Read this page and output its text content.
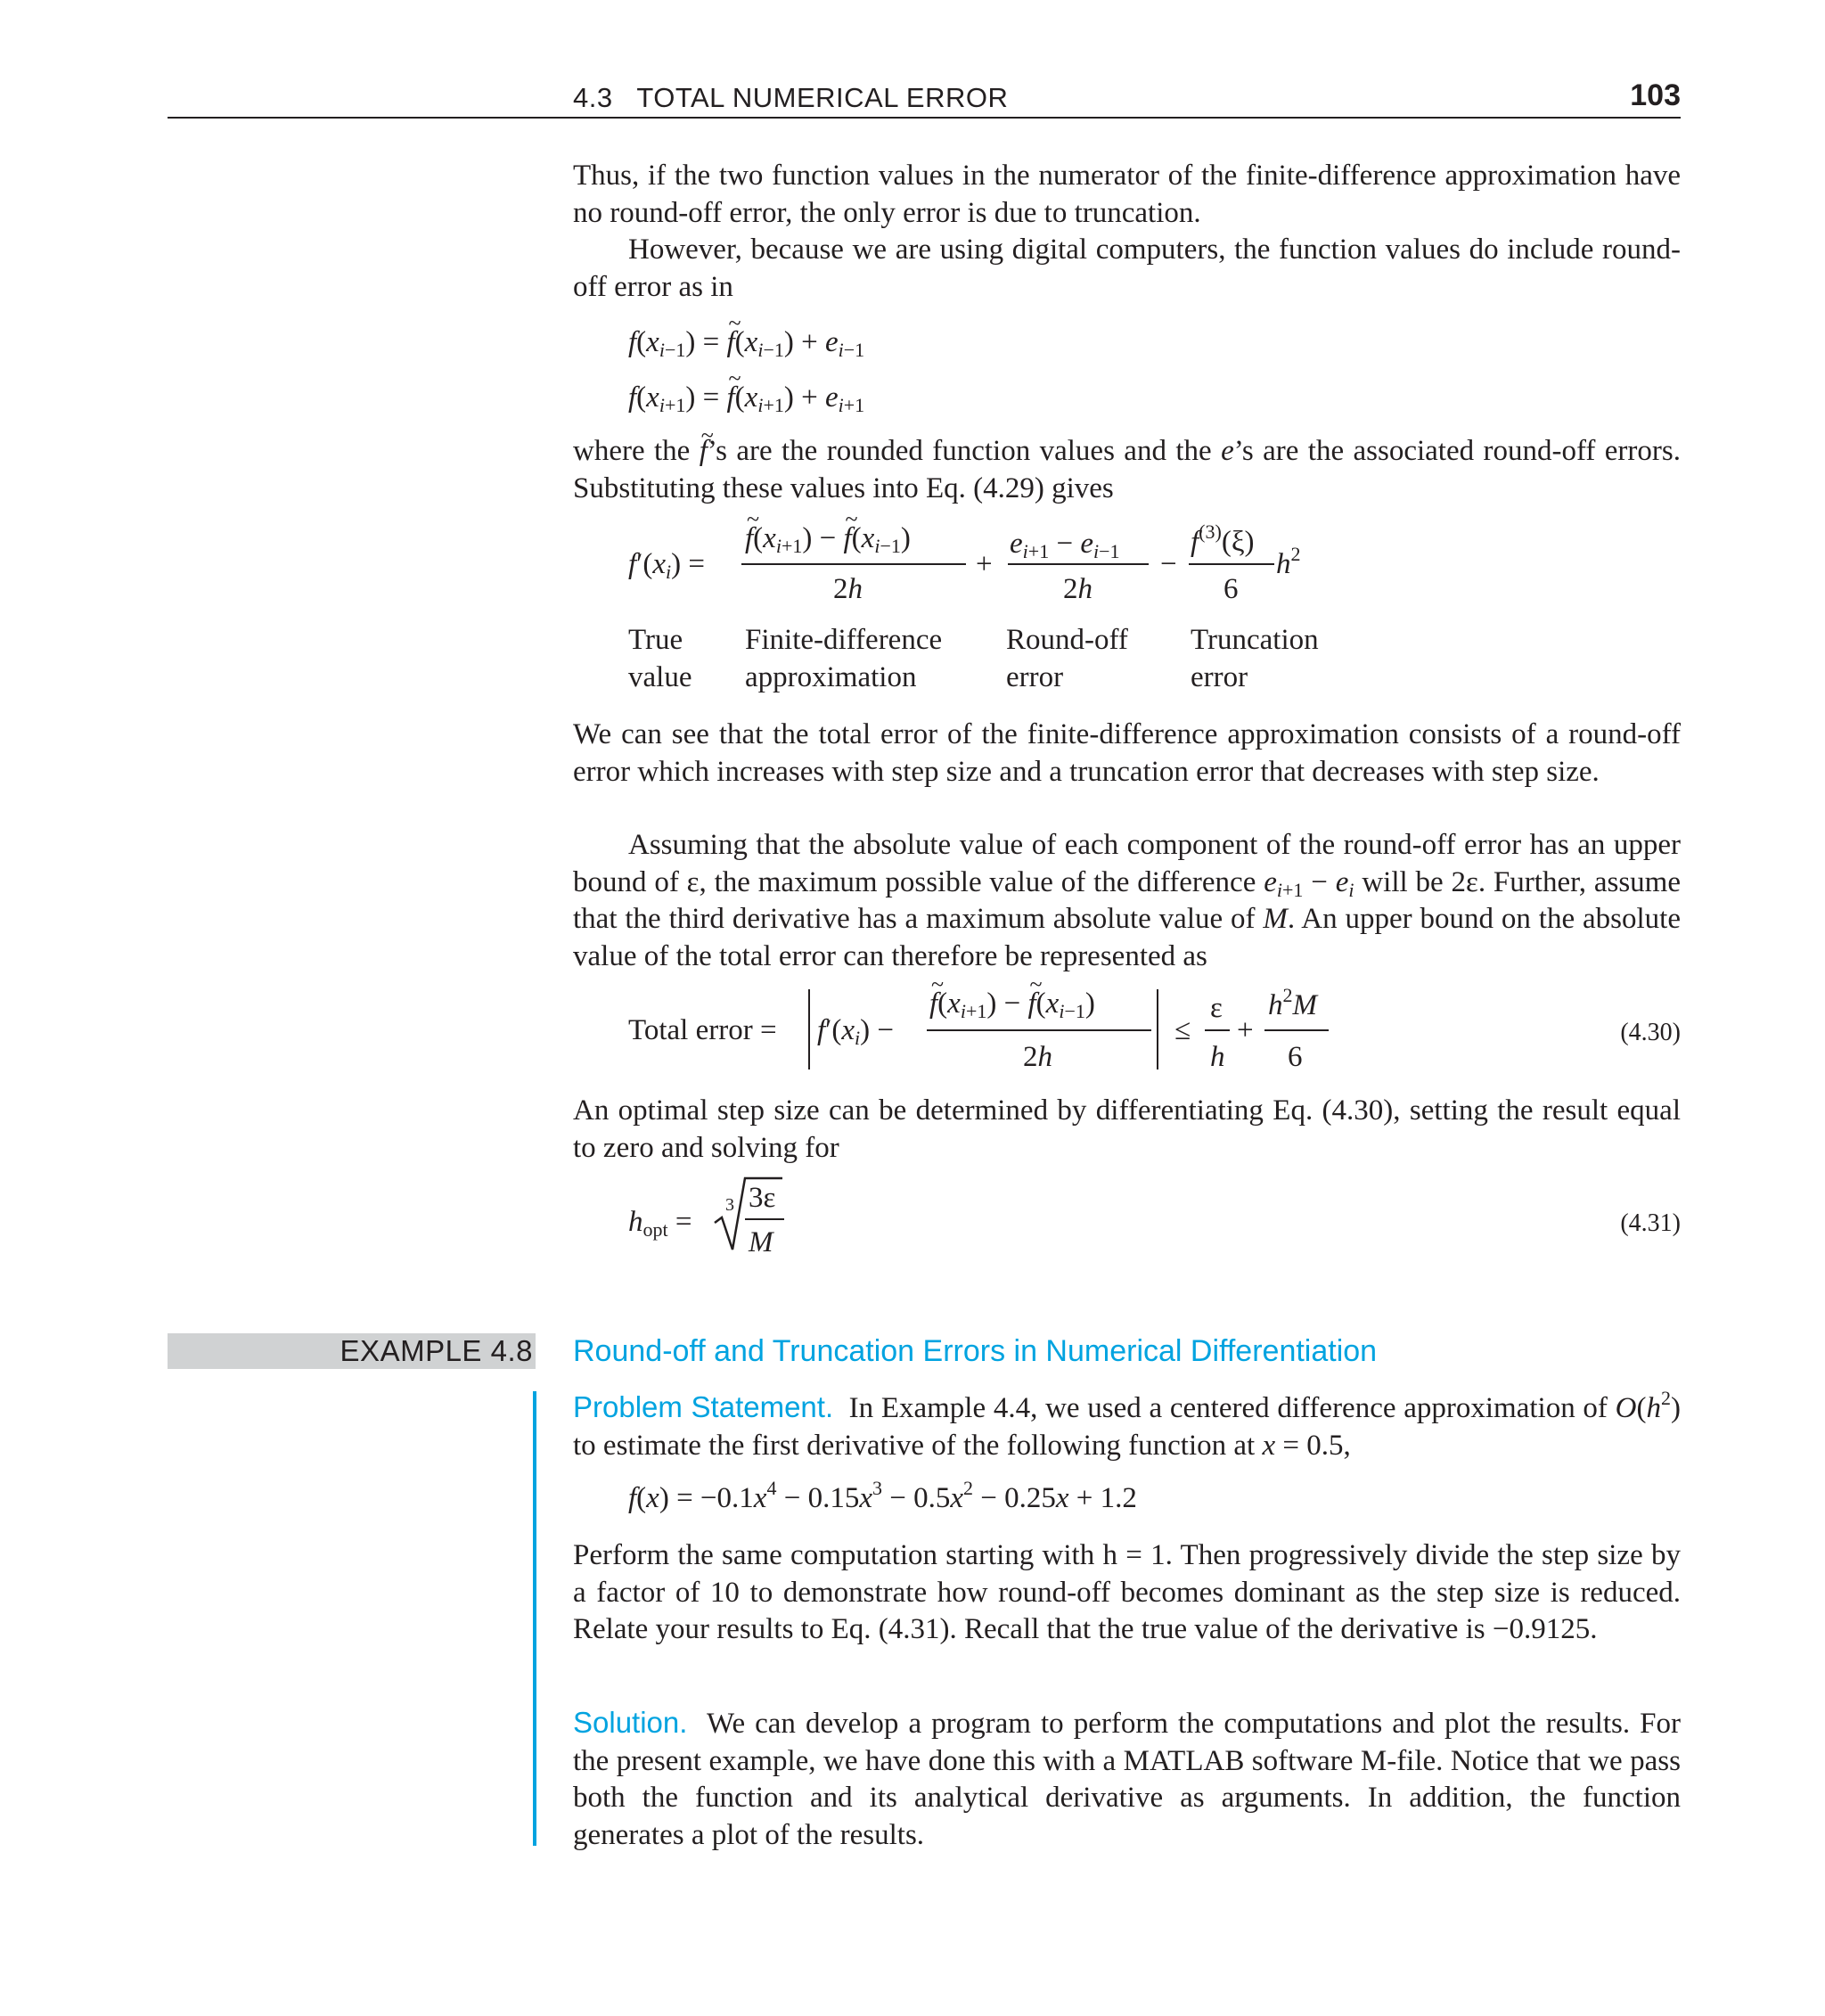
4.3   TOTAL NUMERICAL ERROR	103
Thus, if the two function values in the numerator of the finite-difference approximation have no round-off error, the only error is due to truncation.
However, because we are using digital computers, the function values do include round-off error as in
$f(x_{i-1})$ = ~ $f(x_{i-1}) + e_{i-1}$
$f(x_{i+1})$ = ~ $f(x_{i+1}) + e_{i+1}$
where the ~ f’s are the rounded function values and the e’s are the associated round-off errors. Substituting these values into Eq. (4.29) gives
$f'(x_i)$ =
~ $f(x_{i+1})$ − ~ $f(x_{i-1})$
2h
+
$e_{i+1} - e_{i-1}$
2h
−
$f^{(3)}(\xi)$
6
$h^2$
True
value
Finite-difference
approximation
Round-off
error
Truncation
error
We can see that the total error of the finite-difference approximation consists of a round-off error which increases with step size and a truncation error that decreases with step size.
Assuming that the absolute value of each component of the round-off error has an upper bound of ε, the maximum possible value of the difference $e_{i+1} - e_i$ will be 2ε. Further, assume that the third derivative has a maximum absolute value of M. An upper bound on the absolute value of the total error can therefore be represented as
Total error = $f'(x_i)$ −
~ $f(x_{i+1})$ − ~ $f(x_{i-1})$
2h
≤
ε
h
+
$h^2M$
6
(4.30)
An optimal step size can be determined by differentiating Eq. (4.30), setting the result equal to zero and solving for
$h_{opt}$ =
3 3ε
M
(4.31)
EXAMPLE 4.8 Round-off and Truncation Errors in Numerical Differentiation
Problem Statement. In Example 4.4, we used a centered difference approximation of $O(h^2)$ to estimate the first derivative of the following function at x = 0.5,
$f(x) = -0.1x^4 - 0.15x^3 - 0.5x^2 - 0.25x + 1.2$
Perform the same computation starting with h = 1. Then progressively divide the step size by a factor of 10 to demonstrate how round-off becomes dominant as the step size is reduced. Relate your results to Eq. (4.31). Recall that the true value of the derivative is −0.9125.
Solution. We can develop a program to perform the computations and plot the results. For the present example, we have done this with a MATLAB software M-file. Notice that we pass both the function and its analytical derivative as arguments. In addition, the function generates a plot of the results.
